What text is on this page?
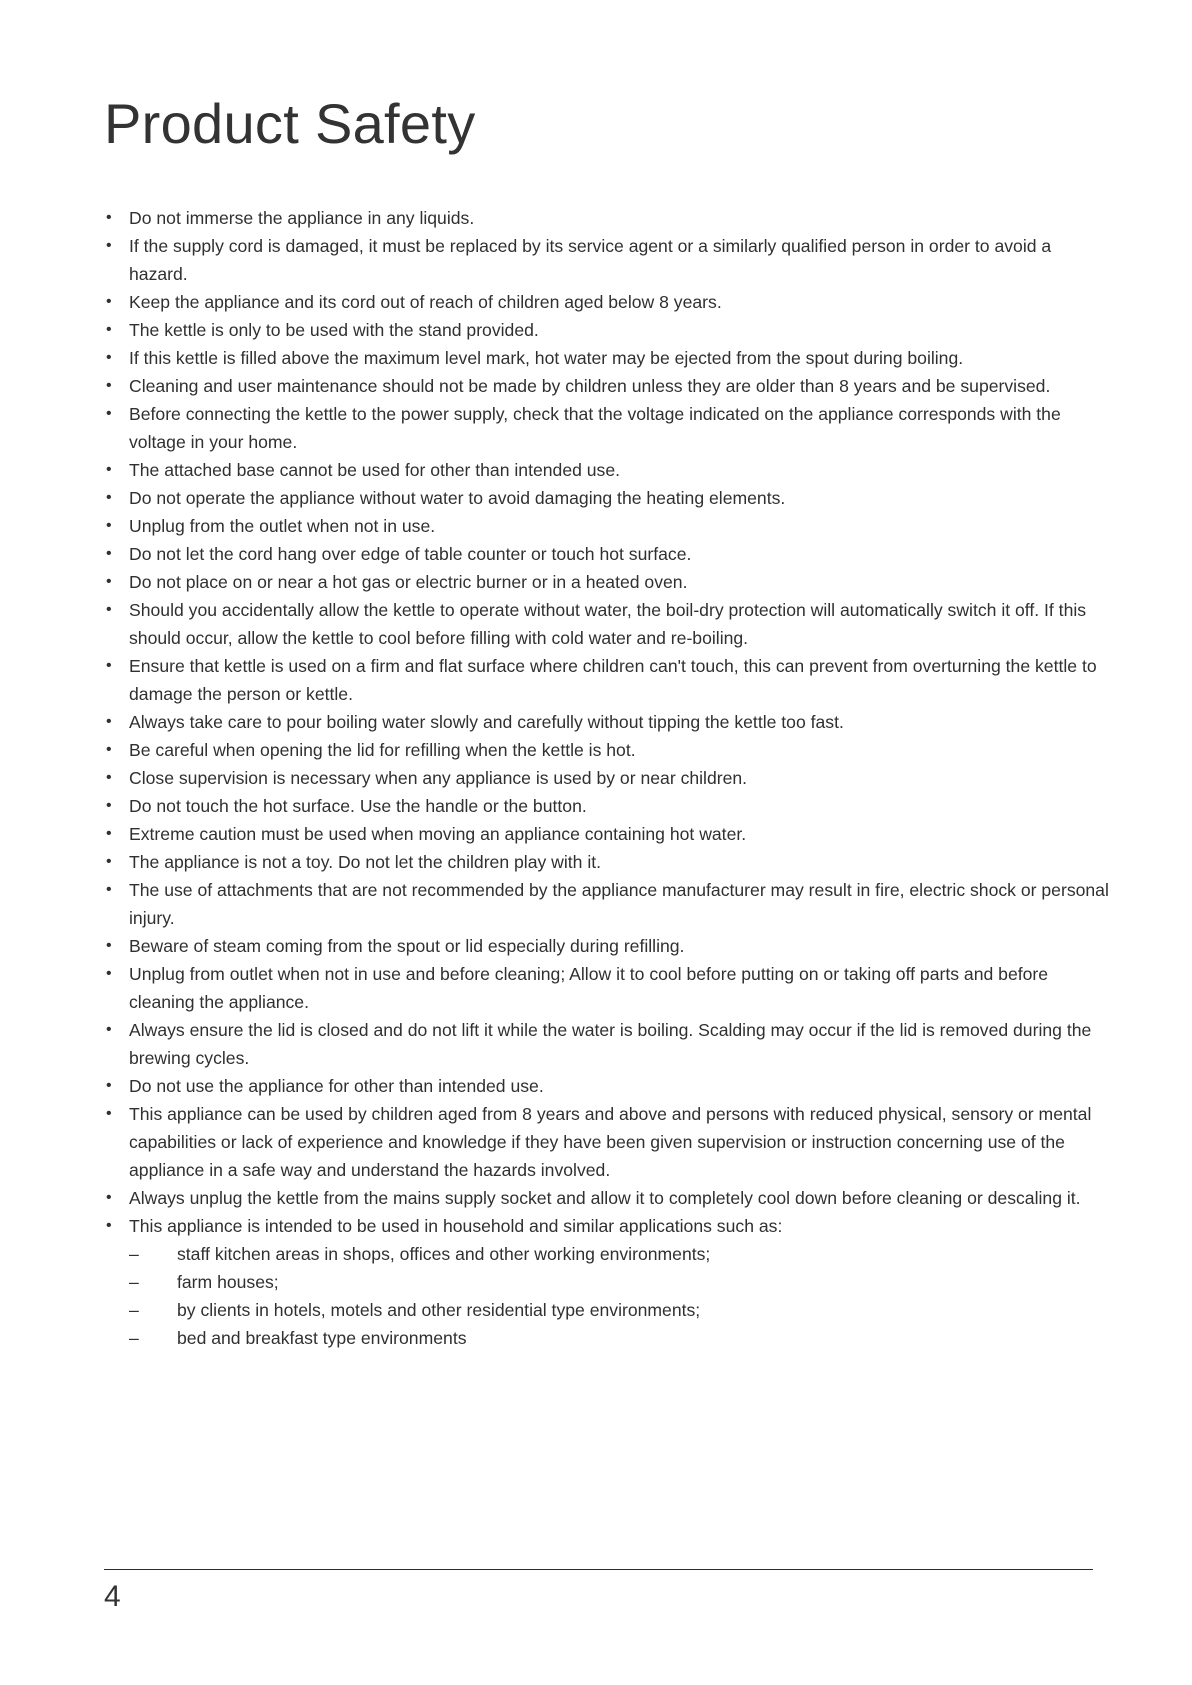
Product Safety
• Do not immerse the appliance in any liquids.
• If the supply cord is damaged, it must be replaced by its service agent or a similarly qualified person in order to avoid a hazard.
• Keep the appliance and its cord out of reach of children aged below 8 years.
• The kettle is only to be used with the stand provided.
• If this kettle is filled above the maximum level mark, hot water may be ejected from the spout during boiling.
• Cleaning and user maintenance should not be made by children unless they are older than 8 years and be supervised.
• Before connecting the kettle to the power supply, check that the voltage indicated on the appliance corresponds with the voltage in your home.
• The attached base cannot be used for other than intended use.
• Do not operate the appliance without water to avoid damaging the heating elements.
• Unplug from the outlet when not in use.
• Do not let the cord hang over edge of table counter or touch hot surface.
• Do not place on or near a hot gas or electric burner or in a heated oven.
• Should you accidentally allow the kettle to operate without water, the boil-dry protection will automatically switch it off. If this should occur, allow the kettle to cool before filling with cold water and re-boiling.
• Ensure that kettle is used on a firm and flat surface where children can't touch, this can prevent from overturning the kettle to damage the person or kettle.
• Always take care to pour boiling water slowly and carefully without tipping the kettle too fast.
• Be careful when opening the lid for refilling when the kettle is hot.
• Close supervision is necessary when any appliance is used by or near children.
• Do not touch the hot surface. Use the handle or the button.
• Extreme caution must be used when moving an appliance containing hot water.
• The appliance is not a toy. Do not let the children play with it.
• The use of attachments that are not recommended by the appliance manufacturer may result in fire, electric shock or personal injury.
• Beware of steam coming from the spout or lid especially during refilling.
• Unplug from outlet when not in use and before cleaning; Allow it to cool before putting on or taking off parts and before cleaning the appliance.
• Always ensure the lid is closed and do not lift it while the water is boiling. Scalding may occur if the lid is removed during the brewing cycles.
• Do not use the appliance for other than intended use.
• This appliance can be used by children aged from 8 years and above and persons with reduced physical, sensory or mental capabilities or lack of experience and knowledge if they have been given supervision or instruction concerning use of the appliance in a safe way and understand the hazards involved.
• Always unplug the kettle from the mains supply socket and allow it to completely cool down before cleaning or descaling it.
• This appliance is intended to be used in household and similar applications such as:
– staff kitchen areas in shops, offices and other working environments;
– farm houses;
– by clients in hotels, motels and other residential type environments;
– bed and breakfast type environments
4
